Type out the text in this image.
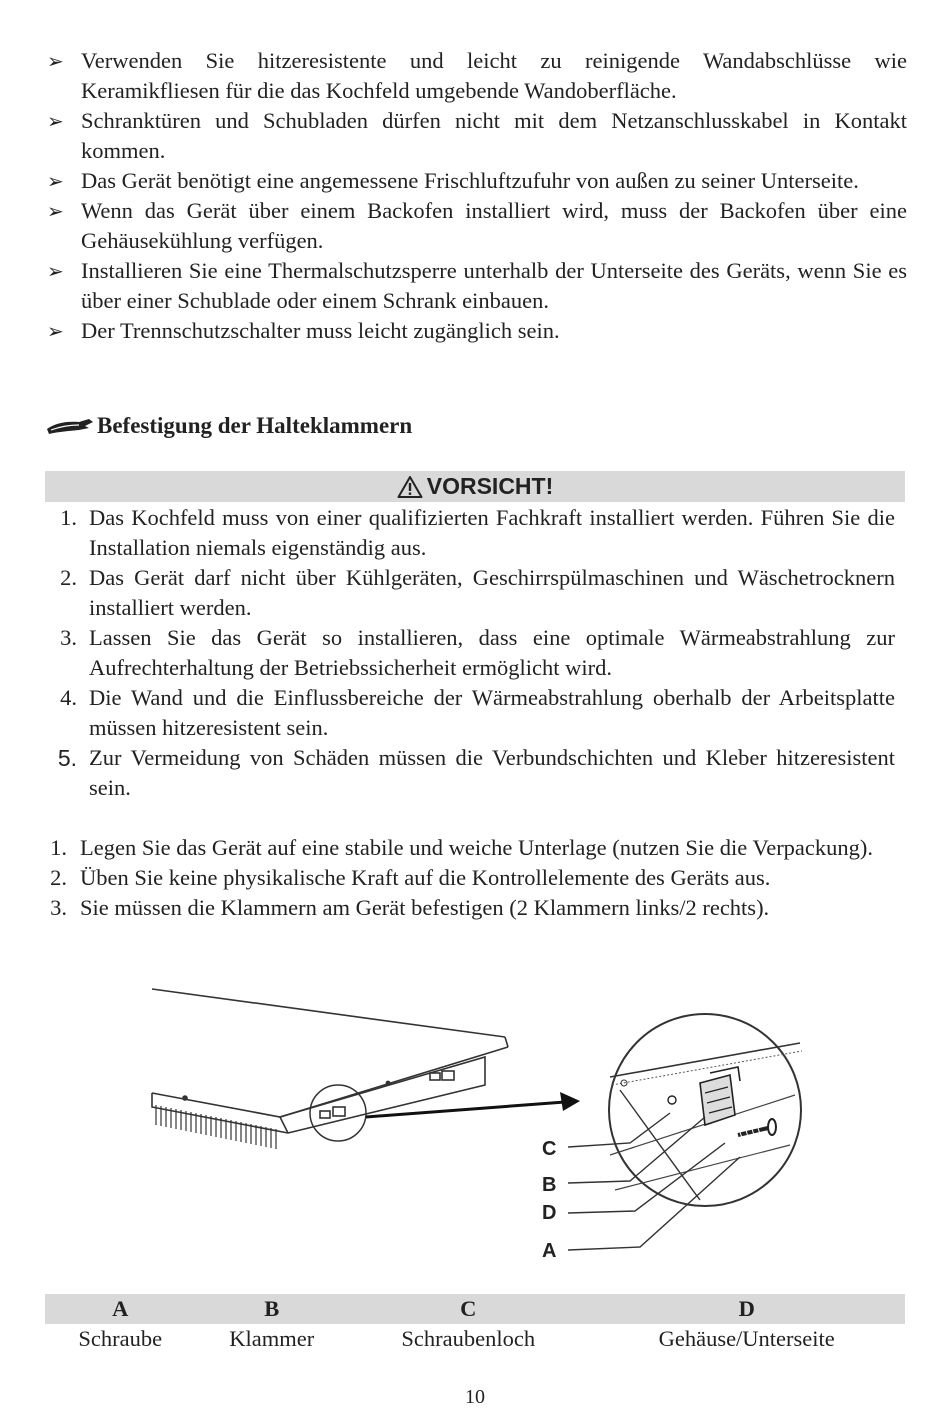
➢ Verwenden Sie hitzeresistente und leicht zu reinigende Wandabschlüsse wie Keramikfliesen für die das Kochfeld umgebende Wandoberfläche.
➢ Schranktüren und Schubladen dürfen nicht mit dem Netzanschlusskabel in Kontakt kommen.
➢ Das Gerät benötigt eine angemessene Frischluftzufuhr von außen zu seiner Unterseite.
➢ Wenn das Gerät über einem Backofen installiert wird, muss der Backofen über eine Gehäusekühlung verfügen.
➢ Installieren Sie eine Thermalschutzsperre unterhalb der Unterseite des Geräts, wenn Sie es über einer Schublade oder einem Schrank einbauen.
➢ Der Trennschutzschalter muss leicht zugänglich sein.
Befestigung der Halteklammern
VORSICHT!
1. Das Kochfeld muss von einer qualifizierten Fachkraft installiert werden. Führen Sie die Installation niemals eigenständig aus.
2. Das Gerät darf nicht über Kühlgeräten, Geschirrspülmaschinen und Wäschetrocknern installiert werden.
3. Lassen Sie das Gerät so installieren, dass eine optimale Wärmeabstrahlung zur Aufrechterhaltung der Betriebssicherheit ermöglicht wird.
4. Die Wand und die Einflussbereiche der Wärmeabstrahlung oberhalb der Arbeitsplatte müssen hitzeresistent sein.
5. Zur Vermeidung von Schäden müssen die Verbundschichten und Kleber hitzeresistent sein.
1. Legen Sie das Gerät auf eine stabile und weiche Unterlage (nutzen Sie die Verpackung).
2. Üben Sie keine physikalische Kraft auf die Kontrollelemente des Geräts aus.
3. Sie müssen die Klammern am Gerät befestigen (2 Klammern links/2 rechts).
C
B
D
A
A	B	C	D
Schraube	Klammer	Schraubenloch	Gehäuse/Unterseite
10
